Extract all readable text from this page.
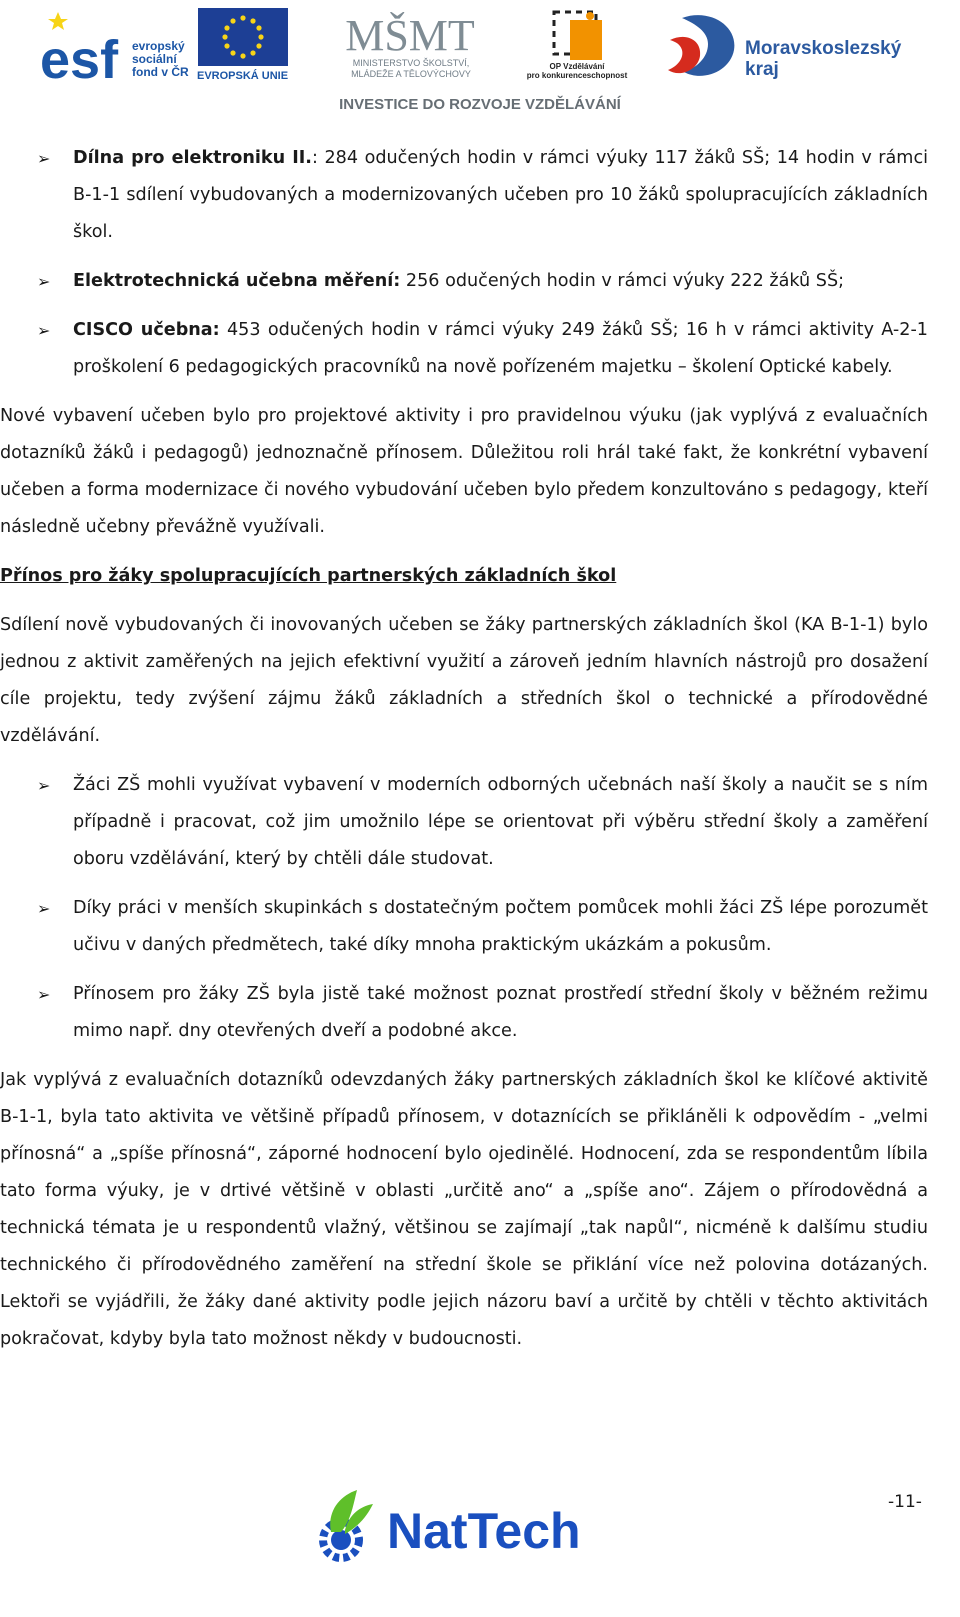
esf evropský
sociální
fond v ČR EVROPSKÁ UNIE
MŠMT
MINISTERSTVO ŠKOLSTVÍ,
MLÁDEŽE A TĚLOVÝCHOVY
OP Vzdělávání
pro konkurenceschopnost
Moravskoslezský
kraj
INVESTICE DO ROZVOJE VZDĚLÁVÁNÍ
➢ Dílna pro elektroniku II.: 284 odučených hodin v rámci výuky 117 žáků SŠ; 14 hodin v rámci B-1-1 sdílení vybudovaných a modernizovaných učeben pro 10 žáků spolupracujících základních škol.
➢ Elektrotechnická učebna měření: 256 odučených hodin v rámci výuky 222 žáků SŠ;
➢ CISCO učebna: 453 odučených hodin v rámci výuky 249 žáků SŠ; 16 h v rámci aktivity A-2-1 proškolení 6 pedagogických pracovníků na nově pořízeném majetku – školení Optické kabely.

Nové vybavení učeben bylo pro projektové aktivity i pro pravidelnou výuku (jak vyplývá z evaluačních dotazníků žáků i pedagogů) jednoznačně přínosem. Důležitou roli hrál také fakt, že konkrétní vybavení učeben a forma modernizace či nového vybudování učeben bylo předem konzultováno s pedagogy, kteří následně učebny převážně využívali.

Přínos pro žáky spolupracujících partnerských základních škol

Sdílení nově vybudovaných či inovovaných učeben se žáky partnerských základních škol (KA B-1-1) bylo jednou z aktivit zaměřených na jejich efektivní využití a zároveň jedním hlavních nástrojů pro dosažení cíle projektu, tedy zvýšení zájmu žáků základních a středních škol o technické a přírodovědné vzdělávání.

➢ Žáci ZŠ mohli využívat vybavení v moderních odborných učebnách naší školy a naučit se s ním případně i pracovat, což jim umožnilo lépe se orientovat při výběru střední školy a zaměření oboru vzdělávání, který by chtěli dále studovat.
➢ Díky práci v menších skupinkách s dostatečným počtem pomůcek mohli žáci ZŠ lépe porozumět učivu v daných předmětech, také díky mnoha praktickým ukázkám a pokusům.
➢ Přínosem pro žáky ZŠ byla jistě také možnost poznat prostředí střední školy v běžném režimu mimo např. dny otevřených dveří a podobné akce.

Jak vyplývá z evaluačních dotazníků odevzdaných žáky partnerských základních škol ke klíčové aktivitě B-1-1, byla tato aktivita ve většině případů přínosem, v dotaznících se přikláněli k odpovědím - „velmi přínosná“ a „spíše přínosná“, záporné hodnocení bylo ojedinělé. Hodnocení, zda se respondentům líbila tato forma výuky, je v drtivé většině v oblasti „určitě ano“ a „spíše ano“. Zájem o přírodovědná a technická témata je u respondentů vlažný, většinou se zajímají „tak napůl“, nicméně k dalšímu studiu technického či přírodovědného zaměření na střední škole se přiklání více než polovina dotázaných. Lektoři se vyjádřili, že žáky dané aktivity podle jejich názoru baví a určitě by chtěli v těchto aktivitách pokračovat, kdyby byla tato možnost někdy v budoucnosti.

NatTech
-11-
